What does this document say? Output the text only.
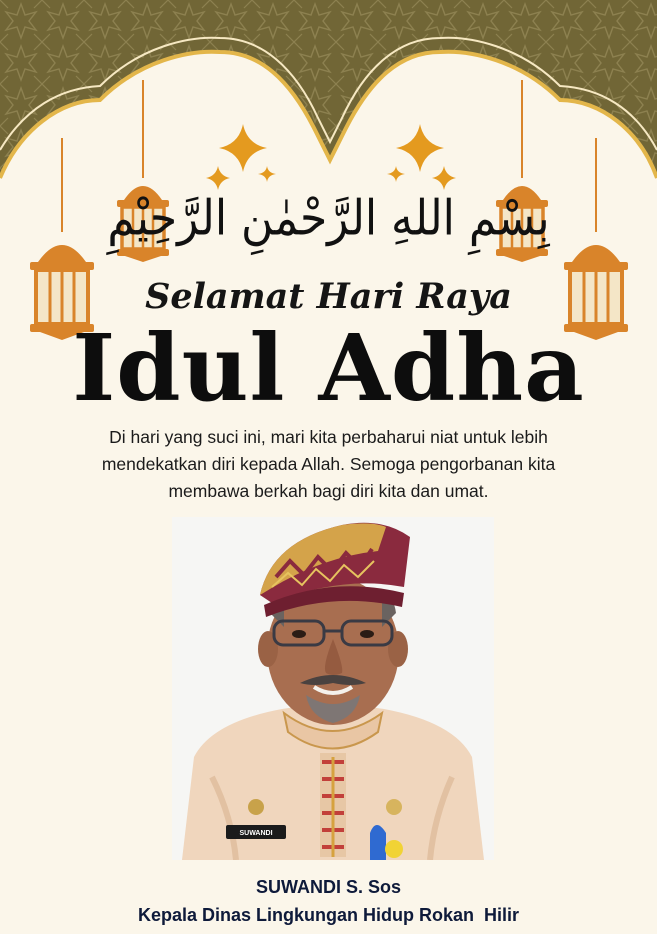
بِسْمِ اللهِ الرَّحْمٰنِ الرَّحِيْمِ
Selamat Hari Raya
Idul Adha
Di hari yang suci ini, mari kita perbaharui niat untuk lebih
mendekatkan diri kepada Allah. Semoga pengorbanan kita
membawa berkah bagi diri kita dan umat.
SUWANDI
SUWANDI S. Sos
Kepala Dinas Lingkungan Hidup Rokan  Hilir
